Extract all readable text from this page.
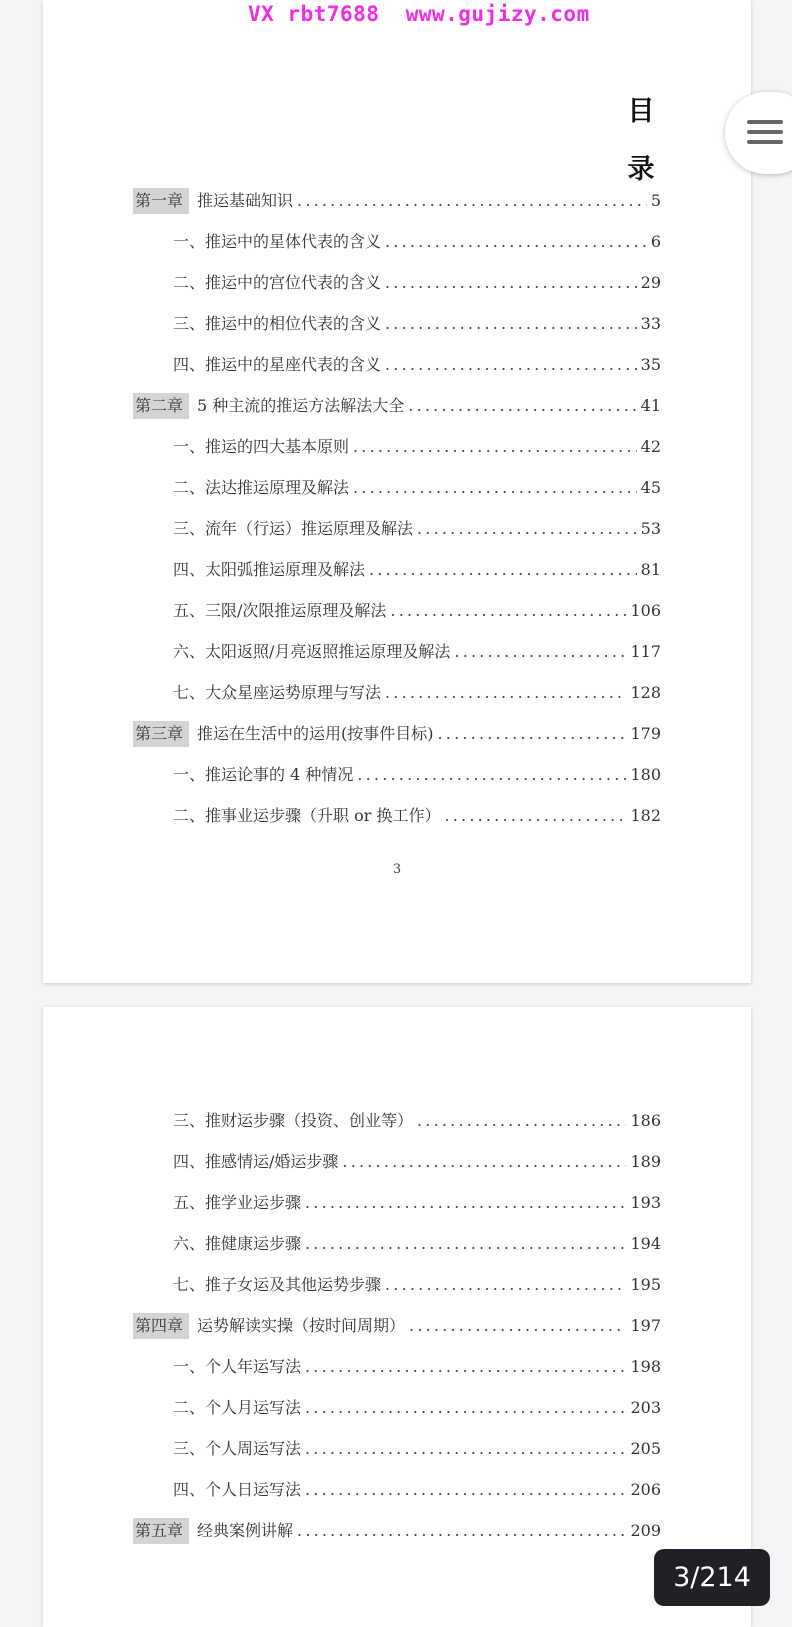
VX rbt7688  www.gujizy.com
目
录
第一章 推运基础知识 .....	5
一、推运中的星体代表的含义 .....	6
二、推运中的宫位代表的含义 .....	29
三、推运中的相位代表的含义 .....	33
四、推运中的星座代表的含义 .....	35
第二章 5 种主流的推运方法解法大全 .....	41
一、推运的四大基本原则 .....	42
二、法达推运原理及解法 .....	45
三、流年（行运）推运原理及解法 .....	53
四、太阳弧推运原理及解法 .....	81
五、三限/次限推运原理及解法 .....	106
六、太阳返照/月亮返照推运原理及解法 .....	117
七、大众星座运势原理与写法 .....	128
第三章 推运在生活中的运用(按事件目标) .....	179
一、推运论事的 4 种情况 .....	180
二、推事业运步骤（升职 or 换工作） .....	182
3
三、推财运步骤（投资、创业等） .....	186
四、推感情运/婚运步骤 .....	189
五、推学业运步骤 .....	193
六、推健康运步骤 .....	194
七、推子女运及其他运势步骤 .....	195
第四章 运势解读实操（按时间周期） .....	197
一、个人年运写法 .....	198
二、个人月运写法 .....	203
三、个人周运写法 .....	205
四、个人日运写法 .....	206
第五章 经典案例讲解 .....	209
3/214
